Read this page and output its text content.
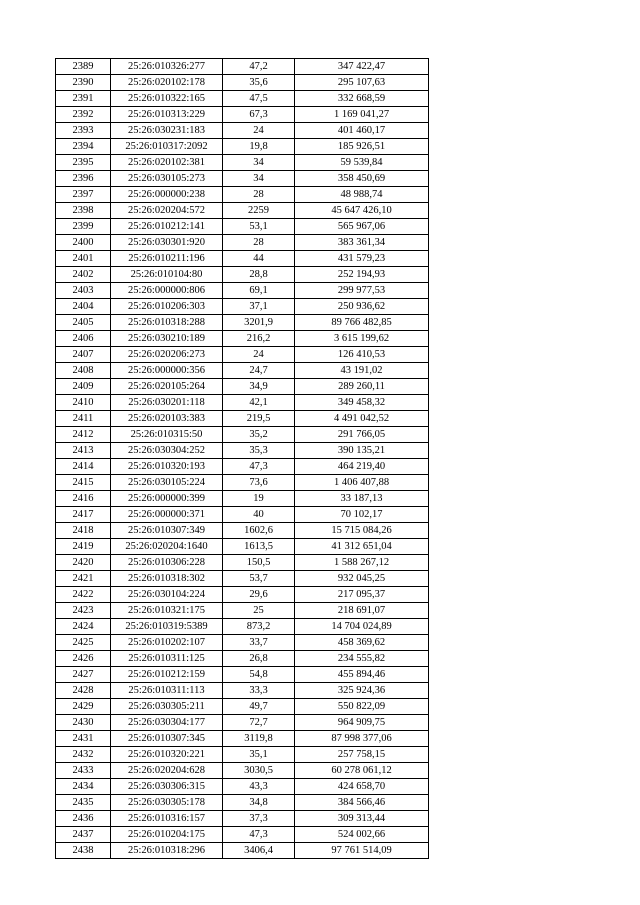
2389	25:26:010326:277	47,2	347 422,47
2390	25:26:020102:178	35,6	295 107,63
2391	25:26:010322:165	47,5	332 668,59
2392	25:26:010313:229	67,3	1 169 041,27
2393	25:26:030231:183	24	401 460,17
2394	25:26:010317:2092	19,8	185 926,51
2395	25:26:020102:381	34	59 539,84
2396	25:26:030105:273	34	358 450,69
2397	25:26:000000:238	28	48 988,74
2398	25:26:020204:572	2259	45 647 426,10
2399	25:26:010212:141	53,1	565 967,06
2400	25:26:030301:920	28	383 361,34
2401	25:26:010211:196	44	431 579,23
2402	25:26:010104:80	28,8	252 194,93
2403	25:26:000000:806	69,1	299 977,53
2404	25:26:010206:303	37,1	250 936,62
2405	25:26:010318:288	3201,9	89 766 482,85
2406	25:26:030210:189	216,2	3 615 199,62
2407	25:26:020206:273	24	126 410,53
2408	25:26:000000:356	24,7	43 191,02
2409	25:26:020105:264	34,9	289 260,11
2410	25:26:030201:118	42,1	349 458,32
2411	25:26:020103:383	219,5	4 491 042,52
2412	25:26:010315:50	35,2	291 766,05
2413	25:26:030304:252	35,3	390 135,21
2414	25:26:010320:193	47,3	464 219,40
2415	25:26:030105:224	73,6	1 406 407,88
2416	25:26:000000:399	19	33 187,13
2417	25:26:000000:371	40	70 102,17
2418	25:26:010307:349	1602,6	15 715 084,26
2419	25:26:020204:1640	1613,5	41 312 651,04
2420	25:26:010306:228	150,5	1 588 267,12
2421	25:26:010318:302	53,7	932 045,25
2422	25:26:030104:224	29,6	217 095,37
2423	25:26:010321:175	25	218 691,07
2424	25:26:010319:5389	873,2	14 704 024,89
2425	25:26:010202:107	33,7	458 369,62
2426	25:26:010311:125	26,8	234 555,82
2427	25:26:010212:159	54,8	455 894,46
2428	25:26:010311:113	33,3	325 924,36
2429	25:26:030305:211	49,7	550 822,09
2430	25:26:030304:177	72,7	964 909,75
2431	25:26:010307:345	3119,8	87 998 377,06
2432	25:26:010320:221	35,1	257 758,15
2433	25:26:020204:628	3030,5	60 278 061,12
2434	25:26:030306:315	43,3	424 658,70
2435	25:26:030305:178	34,8	384 566,46
2436	25:26:010316:157	37,3	309 313,44
2437	25:26:010204:175	47,3	524 002,66
2438	25:26:010318:296	3406,4	97 761 514,09
